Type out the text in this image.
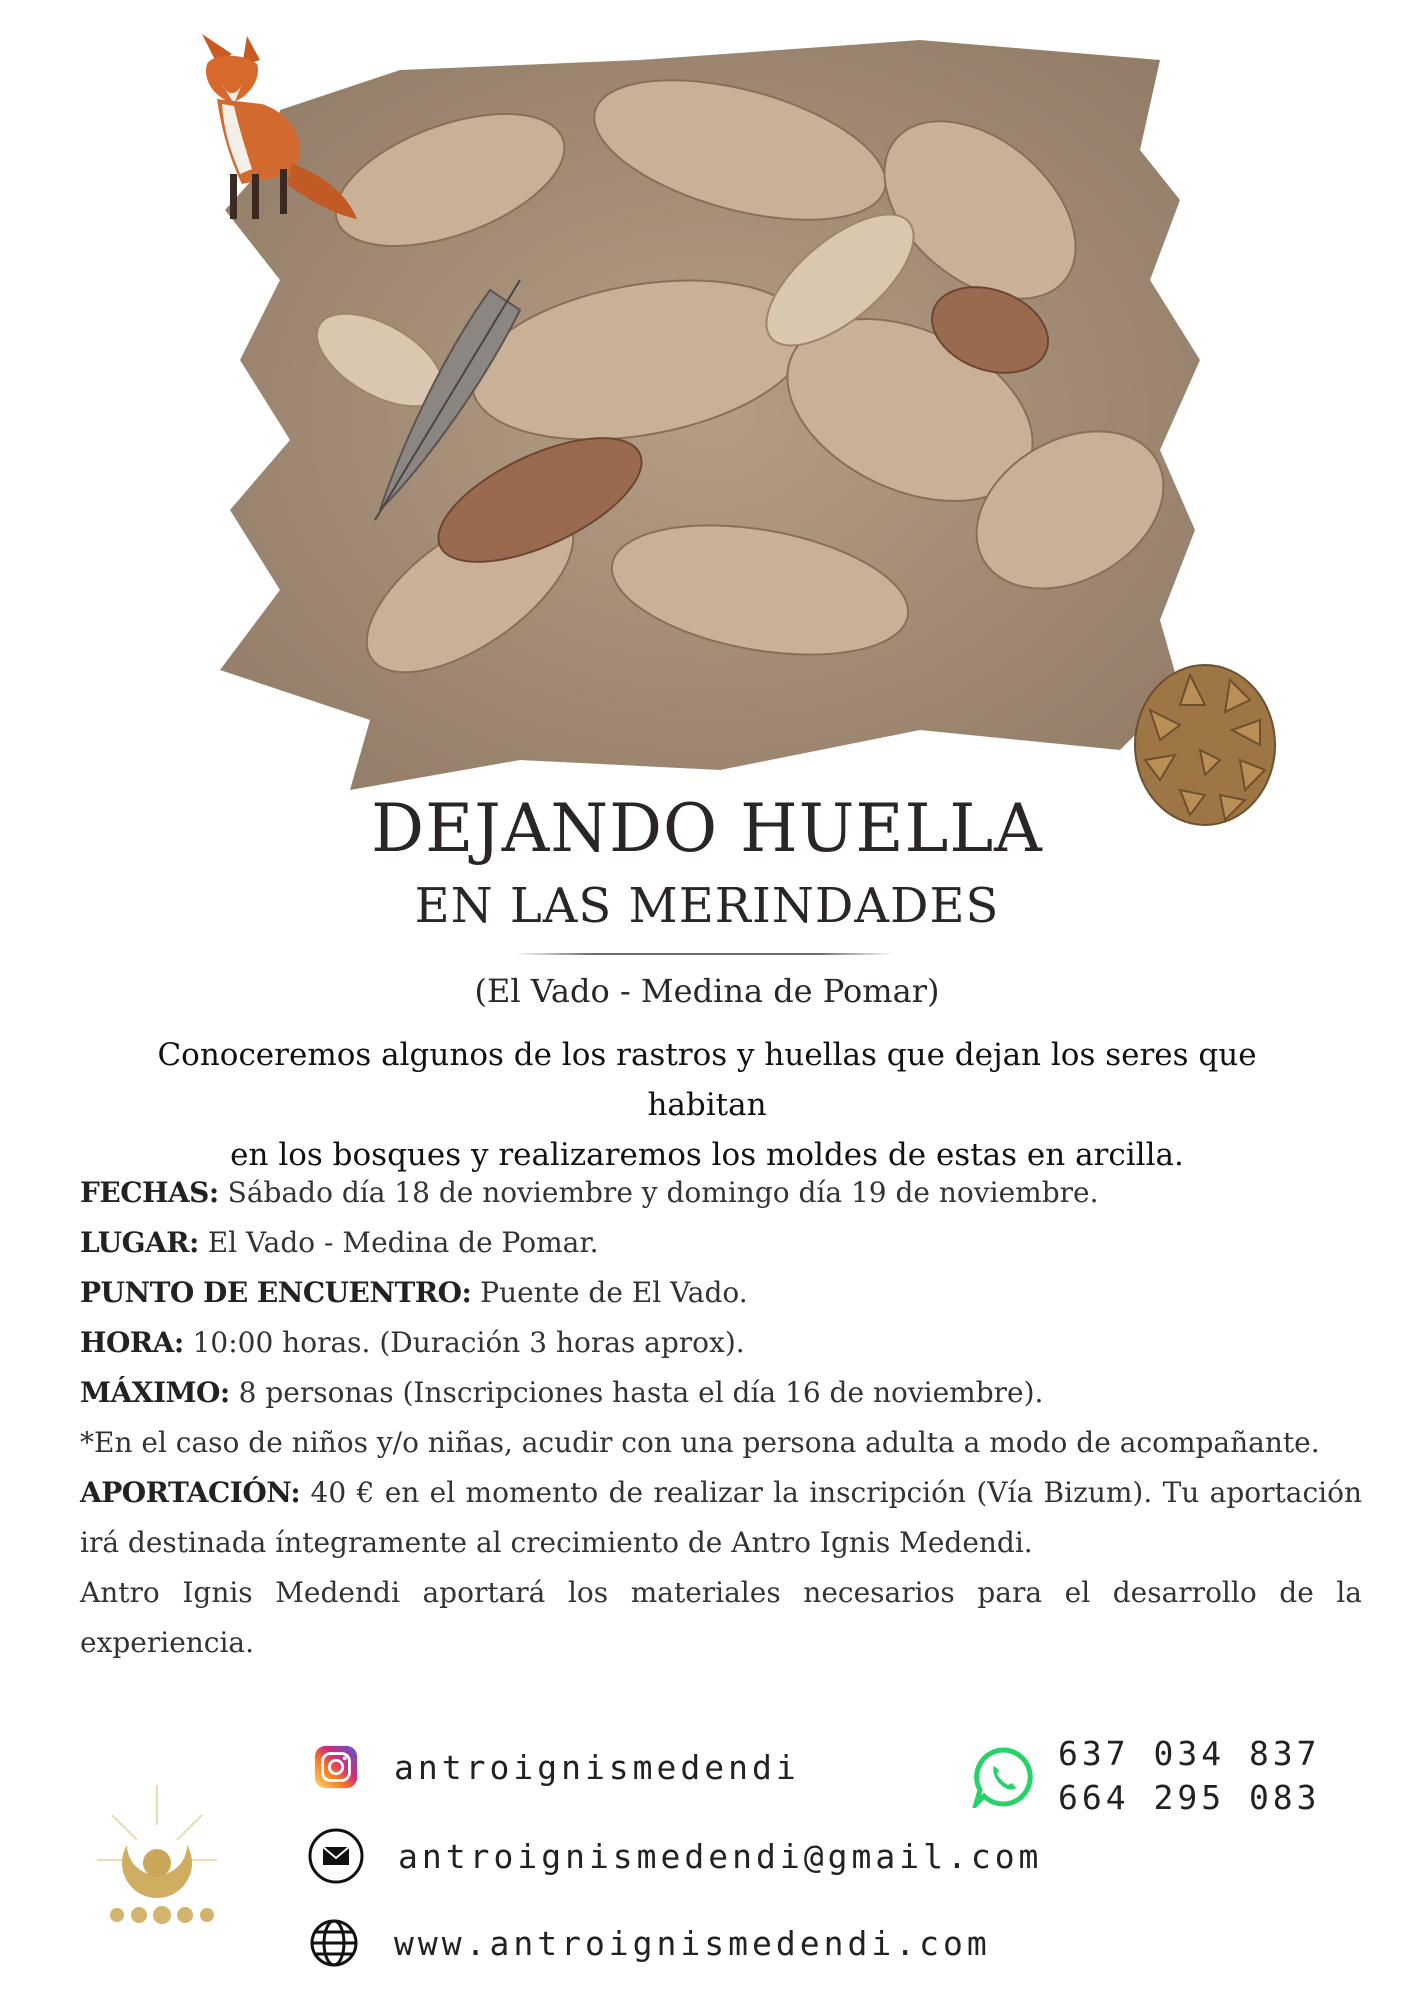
DEJANDO HUELLA
EN LAS MERINDADES
(El Vado - Medina de Pomar)
Conoceremos algunos de los rastros y huellas que dejan los seres que habitan
en los bosques y realizaremos los moldes de estas en arcilla.

FECHAS: Sábado día 18 de noviembre y domingo día 19 de noviembre.

LUGAR: El Vado - Medina de Pomar.

PUNTO DE ENCUENTRO: Puente de El Vado.

HORA: 10:00 horas. (Duración 3 horas aprox).

MÁXIMO: 8 personas (Inscripciones hasta el día 16 de noviembre).

*En el caso de niños y/o niñas, acudir con una persona adulta a modo de acompañante.

APORTACIÓN: 40 € en el momento de realizar la inscripción (Vía Bizum). Tu aportación irá destinada íntegramente al crecimiento de Antro Ignis Medendi.

Antro Ignis Medendi aportará los materiales necesarios para el desarrollo de la experiencia.

antroignismedendi
antroignismedendi@gmail.com
www.antroignismedendi.com
637 034 837
664 295 083
